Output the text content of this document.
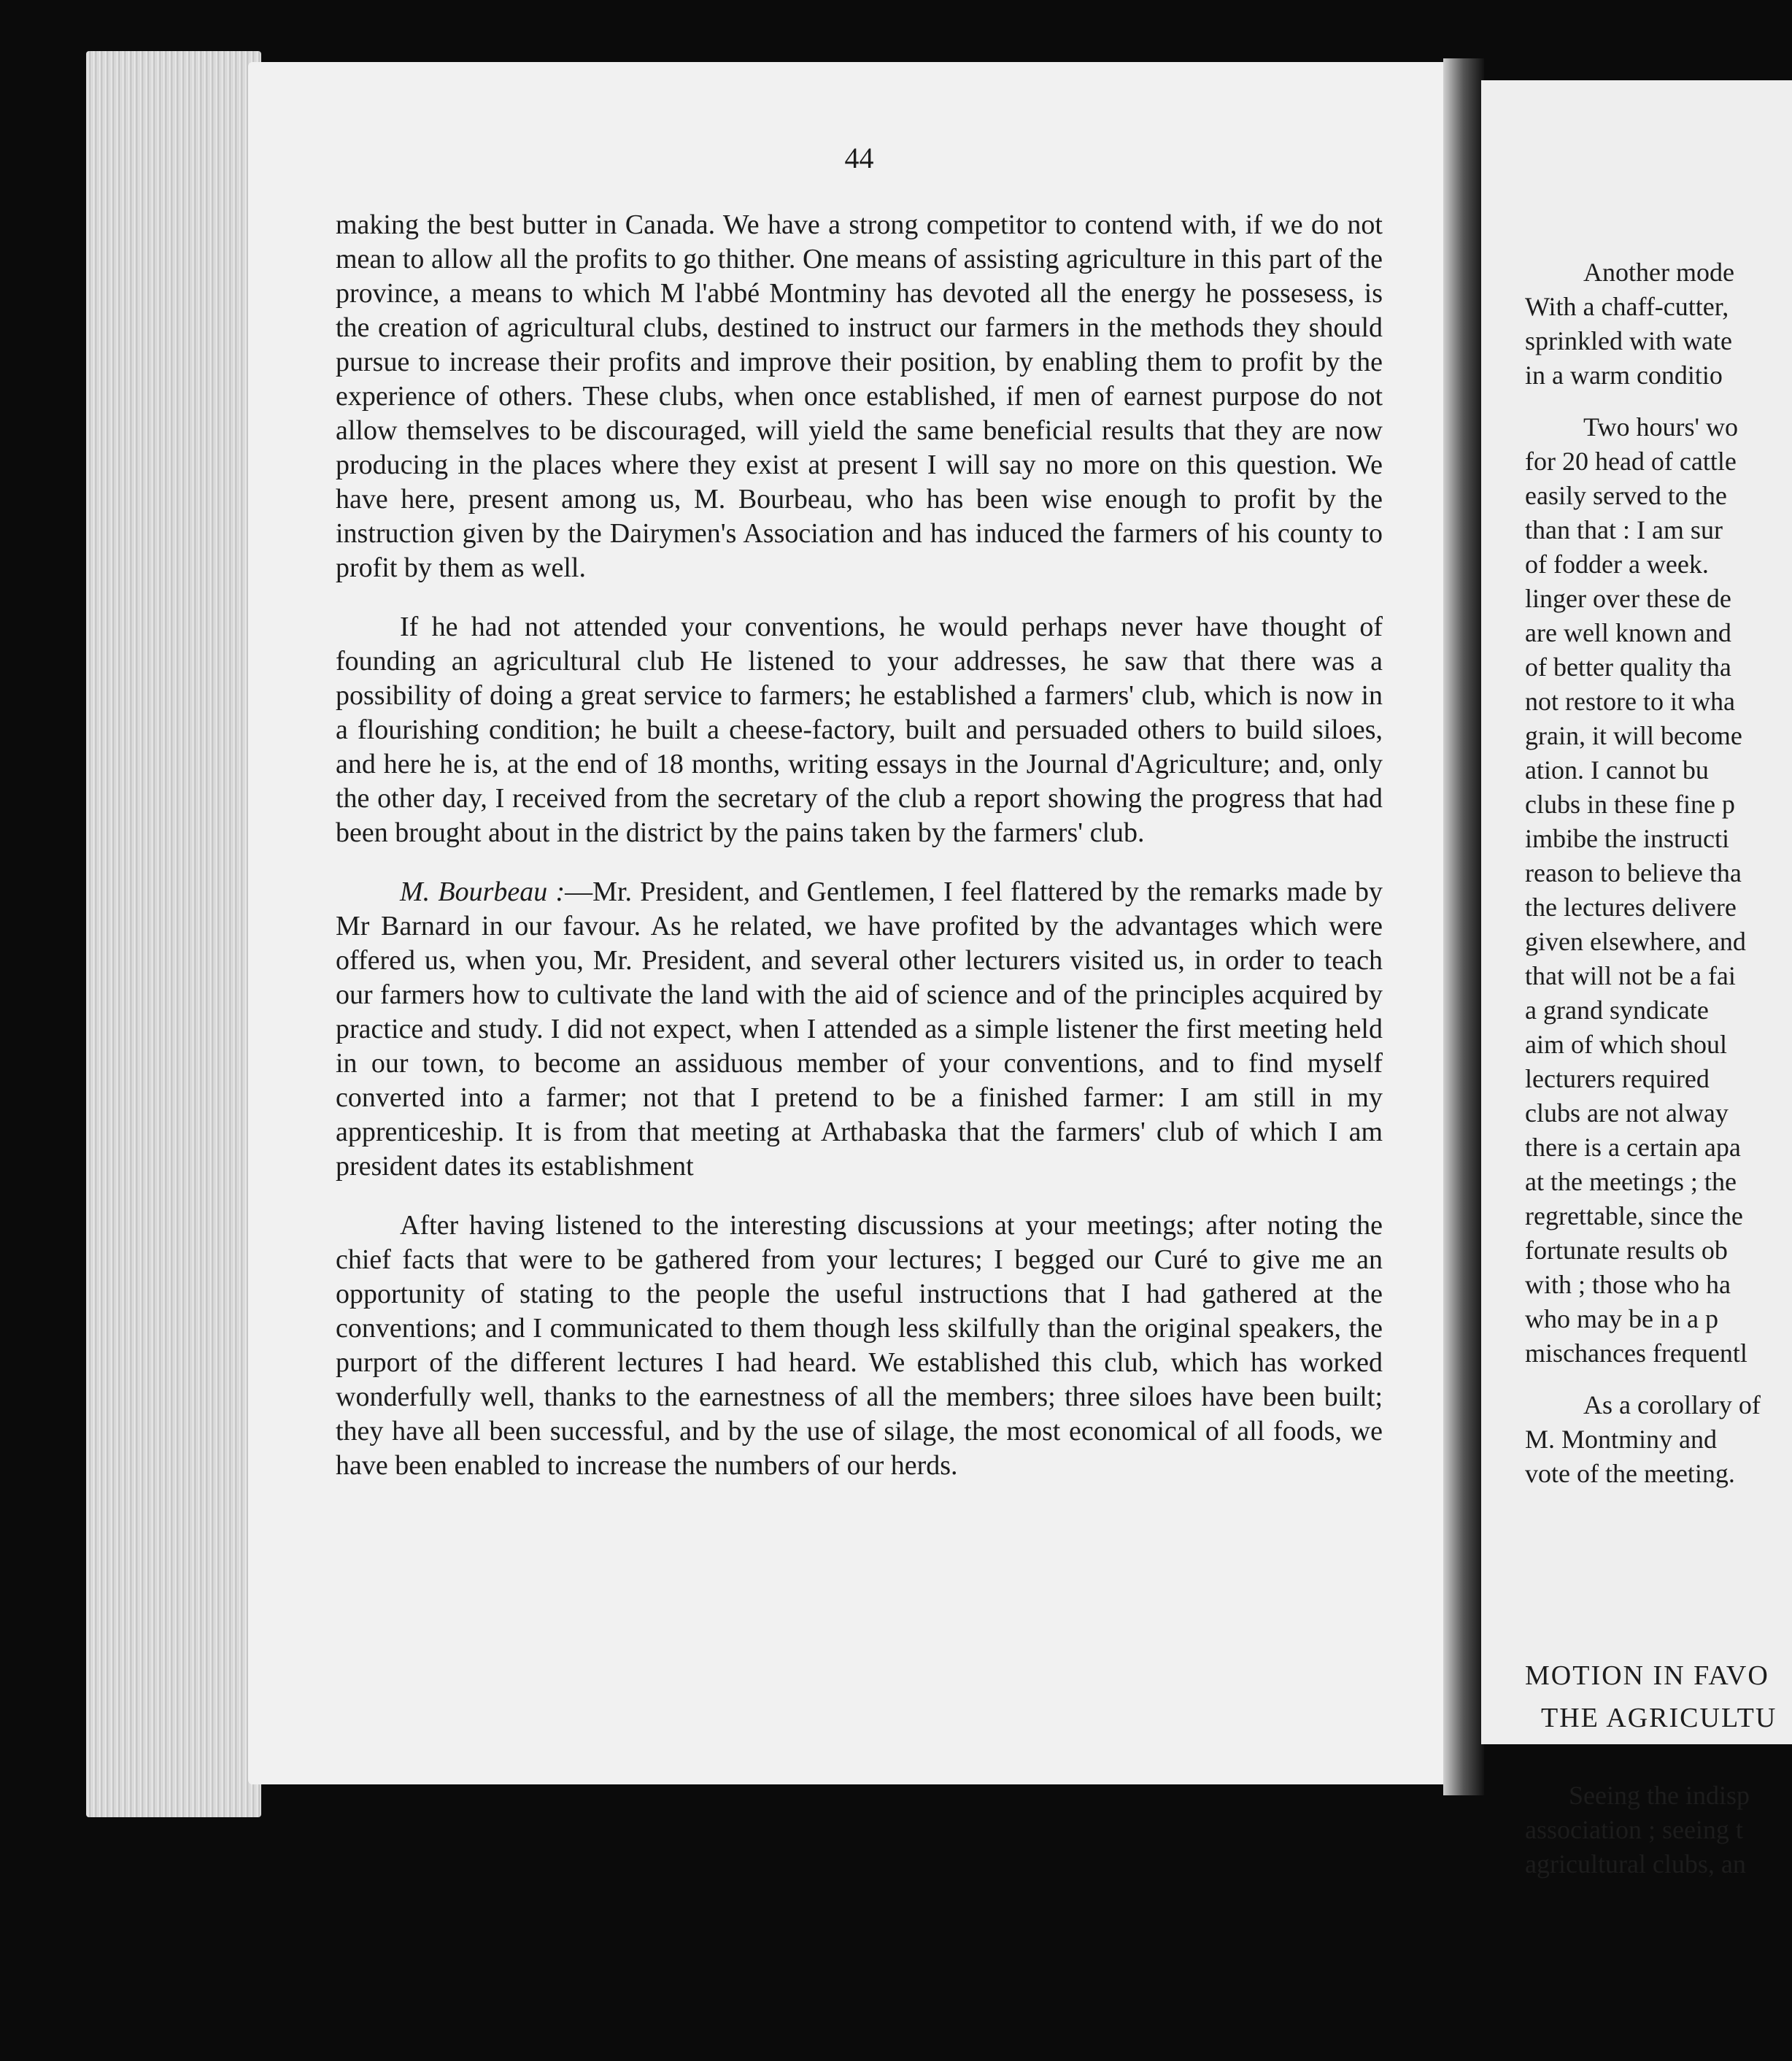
44

making the best butter in Canada. We have a strong competitor to contend with, if we do not mean to allow all the profits to go thither. One means of assisting agriculture in this part of the province, a means to which M l'abbé Montminy has devoted all the energy he possesess, is the creation of agricultural clubs, destined to instruct our farmers in the methods they should pursue to increase their profits and improve their position, by enabling them to profit by the experience of others. These clubs, when once established, if men of earnest purpose do not allow themselves to be discouraged, will yield the same beneficial results that they are now producing in the places where they exist at present I will say no more on this question. We have here, present among us, M. Bourbeau, who has been wise enough to profit by the instruction given by the Dairymen's Association and has induced the farmers of his county to profit by them as well.

If he had not attended your conventions, he would perhaps never have thought of founding an agricultural club He listened to your addresses, he saw that there was a possibility of doing a great service to farmers; he established a farmers' club, which is now in a flourishing condition; he built a cheese-factory, built and persuaded others to build siloes, and here he is, at the end of 18 months, writing essays in the Journal d'Agriculture; and, only the other day, I received from the secretary of the club a report showing the progress that had been brought about in the district by the pains taken by the farmers' club.

M. Bourbeau :—Mr. President, and Gentlemen, I feel flattered by the remarks made by Mr Barnard in our favour. As he related, we have profited by the advantages which were offered us, when you, Mr. President, and several other lecturers visited us, in order to teach our farmers how to cultivate the land with the aid of science and of the principles acquired by practice and study. I did not expect, when I attended as a simple listener the first meeting held in our town, to become an assiduous member of your conventions, and to find myself converted into a farmer; not that I pretend to be a finished farmer: I am still in my apprenticeship. It is from that meeting at Arthabaska that the farmers' club of which I am president dates its establishment

After having listened to the interesting discussions at your meetings; after noting the chief facts that were to be gathered from your lectures; I begged our Curé to give me an opportunity of stating to the people the useful instructions that I had gathered at the conventions; and I communicated to them though less skilfully than the original speakers, the purport of the different lectures I had heard. We established this club, which has worked wonderfully well, thanks to the earnestness of all the members; three siloes have been built; they have all been successful, and by the use of silage, the most economical of all foods, we have been enabled to increase the numbers of our herds.

Another mode
With a chaff-cutter,
sprinkled with wate
in a warm conditio
Two hours' wo
for 20 head of cattle
easily served to the
than that : I am sur
of fodder a week.
linger over these de
are well known and
of better quality tha
not restore to it wha
grain, it will become
ation. I cannot bu
clubs in these fine p
imbibe the instructi
reason to believe tha
the lectures delivere
given elsewhere, and
that will not be a fai
a grand syndicate
aim of which shoul
lecturers required
clubs are not alway
there is a certain apa
at the meetings ; the
regrettable, since the
fortunate results ob
with ; those who ha
who may be in a p
mischances frequentl
As a corollary of
M. Montminy and
vote of the meeting.
MOTION IN FAVO
THE AGRICULTU
Seeing the indisp
association ; seeing t
agricultural clubs, an
